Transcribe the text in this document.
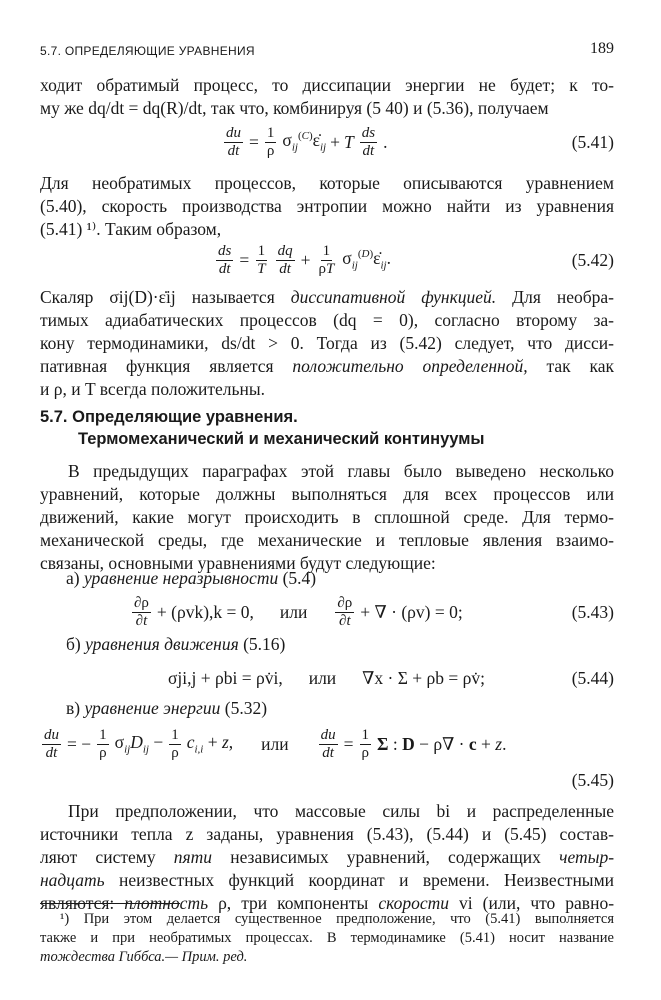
5.7. ОПРЕДЕЛЯЮЩИЕ УРАВНЕНИЯ	189
ходит обратимый процесс, то диссипации энергии не будет; к то-
му же dq/dt = dq(R)/dt, так что, комбинируя (5 40) и (5.36), получаем
$\frac{du}{dt} = \frac{1}{\rho}$ $\sigma_{ij}^{(C)}\varepsiloṅ_{ij} + T \frac{ds}{dt}$ .	(5.41)
Для необратимых процессов, которые описываются уравнением
(5.40), скорость производства энтропии можно найти из уравнения
(5.41) ¹⁾. Таким образом,
$\frac{ds}{dt} = \frac{1}{T} \frac{dq}{dt} + \frac{1}{\rho T}$ $\sigma_{ij}^{(D)}\varepsiloṅ_{ij}$.	(5.42)
Скаляр σij(D)·ε̇ij называется диссипативной функцией. Для необра-
тимых адиабатических процессов (dq = 0), согласно второму за-
кону термодинамики, ds/dt > 0. Тогда из (5.42) следует, что дисси-
пативная функция является положительно определенной, так как
и ρ, и T всегда положительны.
5.7. Определяющие уравнения.
Термомеханический и механический континуумы
В предыдущих параграфах этой главы было выведено несколько
уравнений, которые должны выполняться для всех процессов или
движений, какие могут происходить в сплошной среде. Для термо-
механической среды, где механические и тепловые явления взаимо-
связаны, основными уравнениями будут следующие:
а) уравнение неразрывности (5.4)
$\frac{\partial\rho}{\partial t} + (\rho vk),k = 0$, или $\frac{\partial\rho}{\partial t}$ + ∇ · (ρv) = 0;	(5.43)
б) уравнения движения (5.16)
σji,j + ρbi = ρv̇i, или ∇x · Σ + ρb = ρv̇;	(5.44)
в) уравнение энергии (5.32)
$\frac{du}{dt}$ = − $\frac{1}{\rho} \sigma_{ij}D_{ij} - \frac{1}{\rho} c_{i,i} + z$, или $\frac{du}{dt} = \frac{1}{\rho}$ Σ : D − ρ∇ · c + z.
(5.45)
При предположении, что массовые силы bi и распределенные
источники тепла z заданы, уравнения (5.43), (5.44) и (5.45) состав-
ляют систему пяти независимых уравнений, содержащих четыр-
надцать неизвестных функций координат и времени. Неизвестными
являются: плотность ρ, три компоненты скорости vi (или, что равно-
¹) При этом делается существенное предположение, что (5.41) выполняется
также и при необратимых процессах. В термодинамике (5.41) носит название
тождества Гиббса.— Прим. ред.
